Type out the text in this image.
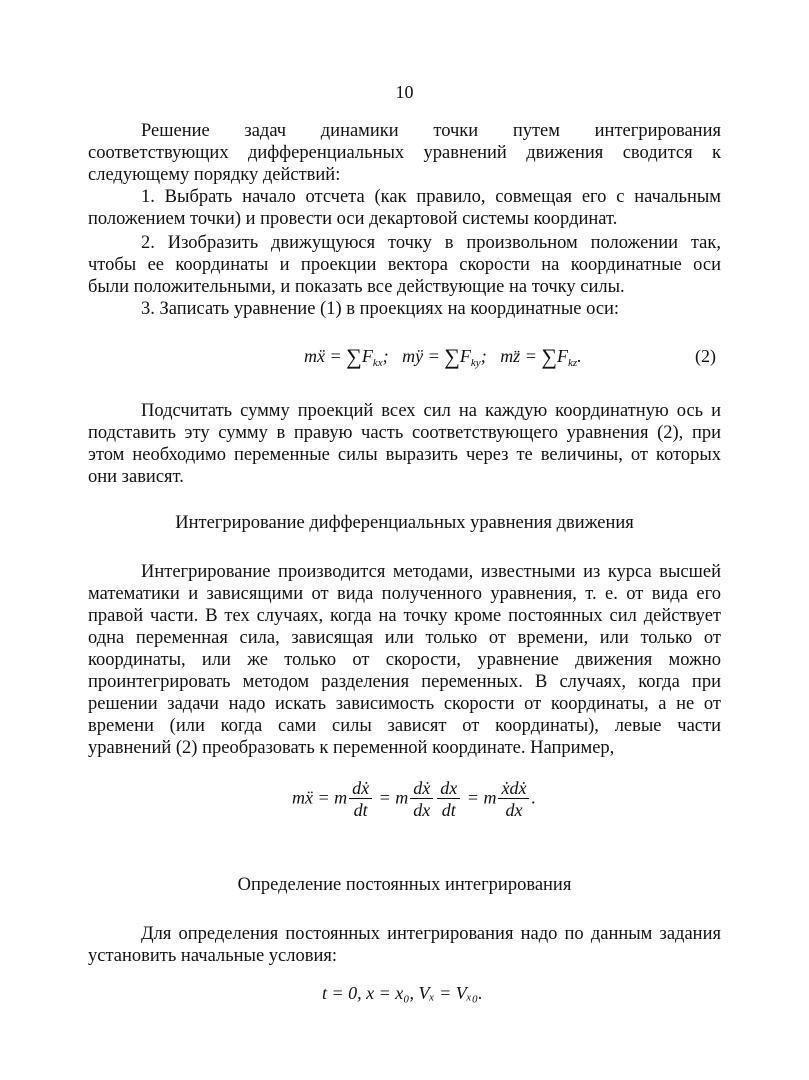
10
Решение задач динамики точки путем интегрирования
соответствующих дифференциальных уравнений движения сводится к
следующему порядку действий:
1. Выбрать начало отсчета (как правило, совмещая его с начальным
положением точки) и провести оси декартовой системы координат.
2. Изобразить движущуюся точку в произвольном положении так,
чтобы ее координаты и проекции вектора скорости на координатные оси
были положительными, и показать все действующие на точку силы.
3. Записать уравнение (1) в проекциях на координатные оси:
mẍ = $\sum F_{kx}$;   mÿ = $\sum F_{ky}$;   mz̈ = $\sum F_{kz}$.	(2)
Подсчитать сумму проекций всех сил на каждую координатную ось и
подставить эту сумму в правую часть соответствующего уравнения (2), при
этом необходимо переменные силы выразить через те величины, от которых
они зависят.
Интегрирование дифференциальных уравнения движения
Интегрирование производится методами, известными из курса высшей
математики и зависящими от вида полученного уравнения, т. е. от вида его
правой части. В тех случаях, когда на точку кроме постоянных сил действует
одна переменная сила, зависящая или только от времени, или только от
координаты, или же только от скорости, уравнение движения можно
проинтегрировать методом разделения переменных. В случаях, когда при
решении задачи надо искать зависимость скорости от координаты, а не от
времени (или когда сами силы зависят от координаты), левые части
уравнений (2) преобразовать к переменной координате. Например,
mẍ = m $\frac{\text{dẋ}}{dt} = m \frac{\text{dẋ}}{dx} \frac{dx}{dt} = m \frac{\text{ẋdẋ}}{dx}$ .
Определение постоянных интегрирования
Для определения постоянных интегрирования надо по данным задания
установить начальные условия:
t = 0, x = x₀, Vₓ = Vₓ₀.
